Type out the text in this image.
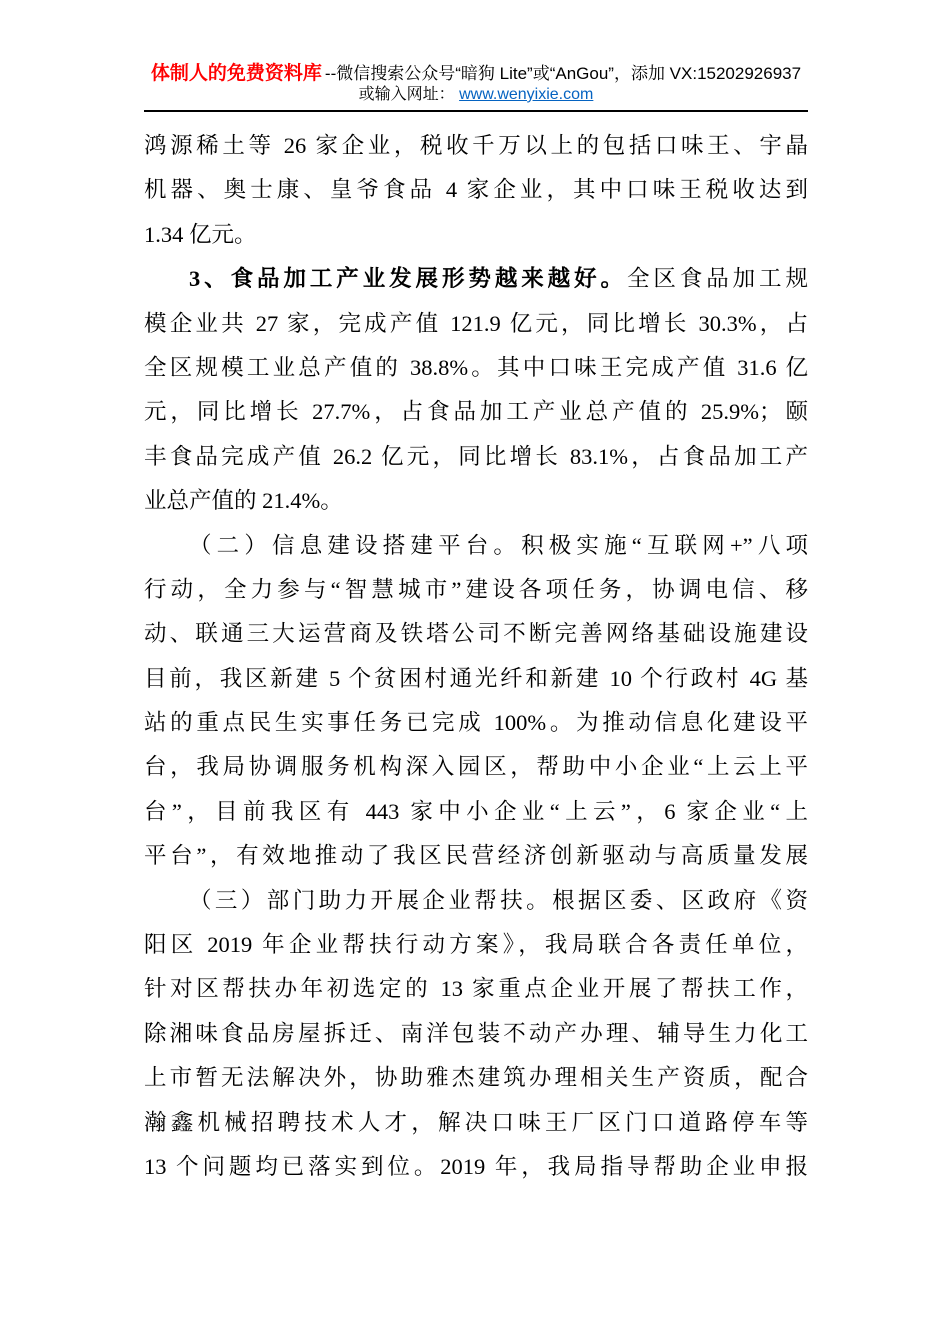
体制人的免费资料库 --微信搜索公众号“暗狗 Lite”或“AnGou”，添加 VX:15202926937
或输入网址： www.wenyixie.com
鸿源稀土等 26 家企业，税收千万以上的包括口味王、宇晶
机器、奥士康、皇爷食品 4 家企业，其中口味王税收达到
1.34 亿元。
3、食品加工产业发展形势越来越好。全区食品加工规
模企业共 27 家，完成产值 121.9 亿元，同比增长 30.3%，占
全区规模工业总产值的 38.8%。其中口味王完成产值 31.6 亿
元，同比增长 27.7%，占食品加工产业总产值的 25.9%；颐
丰食品完成产值 26.2 亿元，同比增长 83.1%，占食品加工产
业总产值的 21.4%。
（二）信息建设搭建平台。积极实施“互联网+”八项
行动，全力参与“智慧城市”建设各项任务，协调电信、移
动、联通三大运营商及铁塔公司不断完善网络基础设施建设
目前，我区新建 5 个贫困村通光纤和新建 10 个行政村 4G 基
站的重点民生实事任务已完成 100%。为推动信息化建设平
台，我局协调服务机构深入园区，帮助中小企业“上云上平
台”，目前我区有 443 家中小企业“上云”，6 家企业“上
平台”，有效地推动了我区民营经济创新驱动与高质量发展
（三）部门助力开展企业帮扶。根据区委、区政府《资
阳区 2019 年企业帮扶行动方案》，我局联合各责任单位，
针对区帮扶办年初选定的 13 家重点企业开展了帮扶工作，
除湘味食品房屋拆迁、南洋包装不动产办理、辅导生力化工
上市暂无法解决外，协助雅杰建筑办理相关生产资质，配合
瀚鑫机械招聘技术人才，解决口味王厂区门口道路停车等
13 个问题均已落实到位。2019 年，我局指导帮助企业申报
